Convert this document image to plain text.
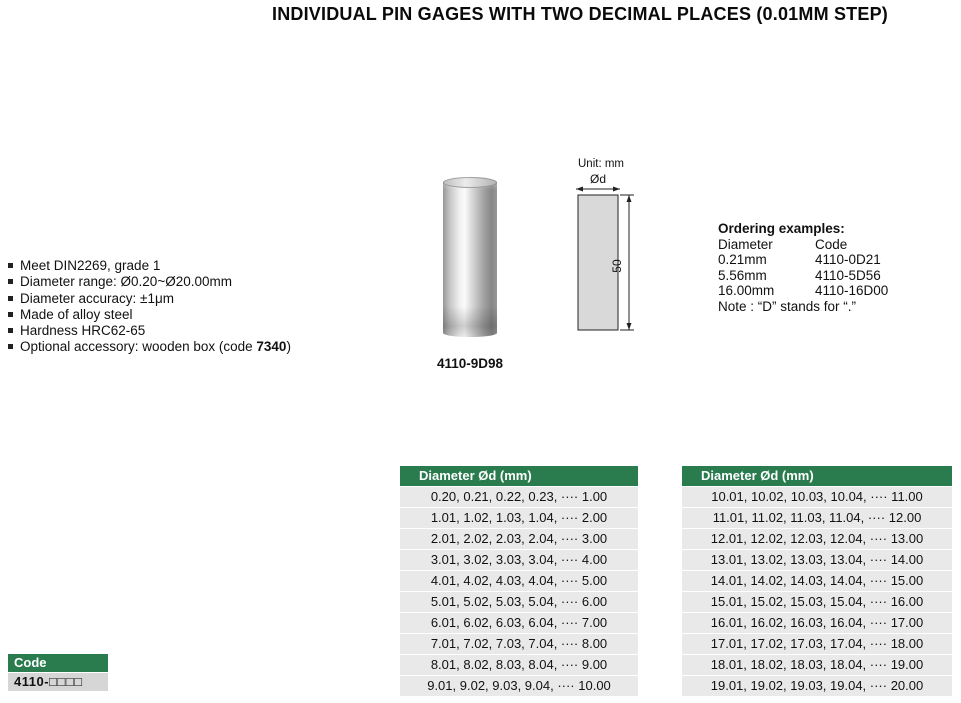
INDIVIDUAL PIN GAGES WITH TWO DECIMAL PLACES (0.01MM STEP)
Meet DIN2269, grade 1
Diameter range: Ø0.20~Ø20.00mm
Diameter accuracy: ±1μm
Made of alloy steel
Hardness HRC62-65
Optional accessory: wooden box (code 7340)
4110-9D98
Unit: mm
Ød
50
Ordering examples:
Diameter	Code
0.21mm	4110-0D21
5.56mm	4110-5D56
16.00mm	4110-16D00
Note : “D” stands for “.”
Code
4110-□□□□
Diameter Ød (mm)
0.20, 0.21, 0.22, 0.23, ···· 1.00
1.01, 1.02, 1.03, 1.04, ···· 2.00
2.01, 2.02, 2.03, 2.04, ···· 3.00
3.01, 3.02, 3.03, 3.04, ···· 4.00
4.01, 4.02, 4.03, 4.04, ···· 5.00
5.01, 5.02, 5.03, 5.04, ···· 6.00
6.01, 6.02, 6.03, 6.04, ···· 7.00
7.01, 7.02, 7.03, 7.04, ···· 8.00
8.01, 8.02, 8.03, 8.04, ···· 9.00
9.01, 9.02, 9.03, 9.04, ···· 10.00
Diameter Ød (mm)
10.01, 10.02, 10.03, 10.04, ···· 11.00
11.01, 11.02, 11.03, 11.04, ···· 12.00
12.01, 12.02, 12.03, 12.04, ···· 13.00
13.01, 13.02, 13.03, 13.04, ···· 14.00
14.01, 14.02, 14.03, 14.04, ···· 15.00
15.01, 15.02, 15.03, 15.04, ···· 16.00
16.01, 16.02, 16.03, 16.04, ···· 17.00
17.01, 17.02, 17.03, 17.04, ···· 18.00
18.01, 18.02, 18.03, 18.04, ···· 19.00
19.01, 19.02, 19.03, 19.04, ···· 20.00
